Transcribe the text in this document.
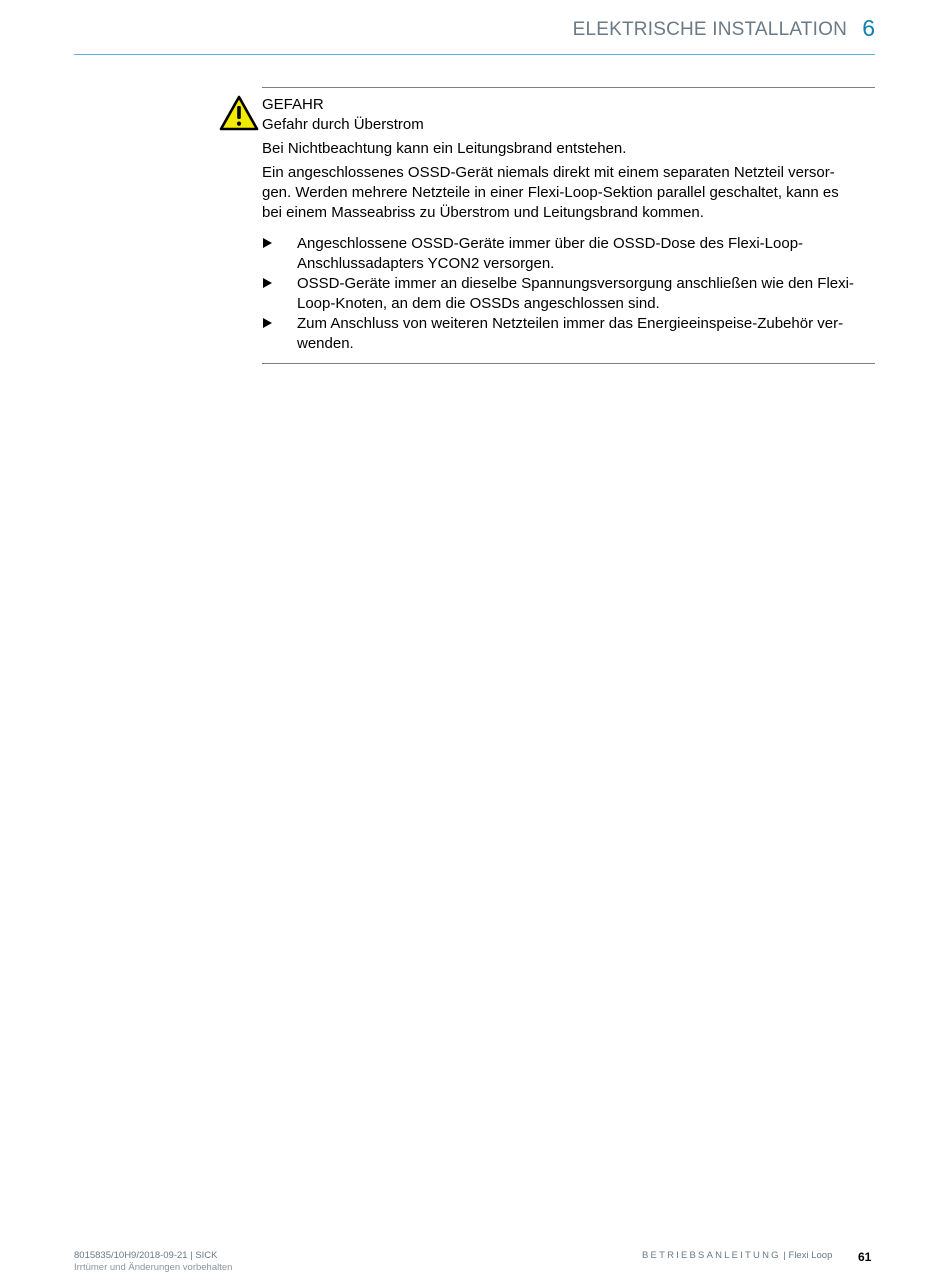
ELEKTRISCHE INSTALLATION 6
GEFAHR
Gefahr durch Überstrom
Bei Nichtbeachtung kann ein Leitungsbrand entstehen.
Ein angeschlossenes OSSD-Gerät niemals direkt mit einem separaten Netzteil versor-
gen. Werden mehrere Netzteile in einer Flexi-Loop-Sektion parallel geschaltet, kann es
bei einem Masseabriss zu Überstrom und Leitungsbrand kommen.
Angeschlossene OSSD-Geräte immer über die OSSD-Dose des Flexi-Loop-
Anschlussadapters YCON2 versorgen.
OSSD-Geräte immer an dieselbe Spannungsversorgung anschließen wie den Flexi-
Loop-Knoten, an dem die OSSDs angeschlossen sind.
Zum Anschluss von weiteren Netzteilen immer das Energieeinspeise-Zubehör ver-
wenden.
8015835/10H9/2018-09-21 | SICK
Irrtümer und Änderungen vorbehalten
BETRIEBSANLEITUNG | Flexi Loop 61
